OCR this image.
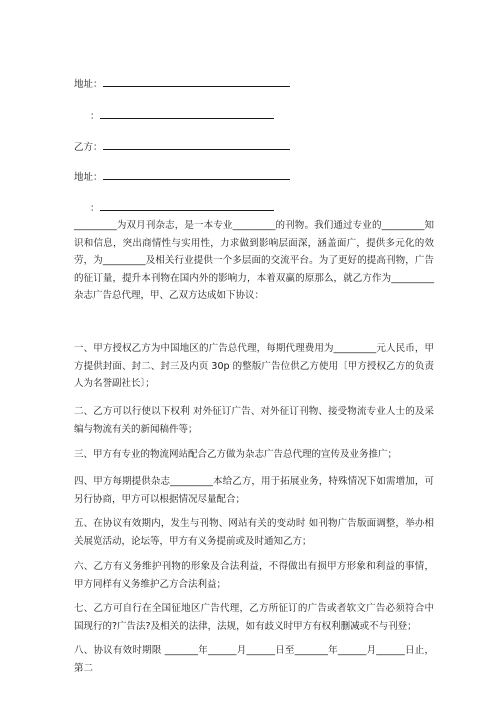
地址：
：
乙方：
地址：
：

_________为双月刊杂志，是一本专业_________的刊物。我们通过专业的_________知识和信息，突出商情性与实用性，力求做到影响层面深，涵盖面广，提供多元化的效劳，为_________及相关行业提供一个多层面的交流平台。为了更好的提高刊物，广告的征订量，提升本刊物在国内外的影响力，本着双赢的原那么，就乙方作为_________杂志广告总代理，甲、乙双方达成如下协议：

一、甲方授权乙方为中国地区的广告总代理，每期代理费用为_________元人民币，甲方提供封面、封二、封三及内页 30p 的整版广告位供乙方使用〔甲方授权乙方的负责人为名誉副社长〕；

二、乙方可以行使以下权利 对外征订广告、对外征订刊物、接受物流专业人士的及采编与物流有关的新闻稿件等；

三、甲方有专业的物流网站配合乙方做为杂志广告总代理的宣传及业务推广；

四、甲方每期提供杂志_________本给乙方，用于拓展业务，特殊情况下如需增加，可另行协商，甲方可以根据情况尽量配合；

五、在协议有效期内，发生与刊物、网站有关的变动时 如刊物广告版面调整，举办相关展览活动，论坛等，甲方有义务提前或及时通知乙方；

六、乙方有义务维护刊物的形象及合法利益，不得做出有损甲方形象和利益的事情，甲方同样有义务维护乙方合法利益；

七、乙方可自行在全国征地区广告代理，乙方所征订的广告或者软文广告必须符合中国现行的?广告法?及相关的法律，法规，如有歧义时甲方有权利删减或不与刊登；

八、协议有效时期限 _______年______月______日至_______年______月______日止，第二
